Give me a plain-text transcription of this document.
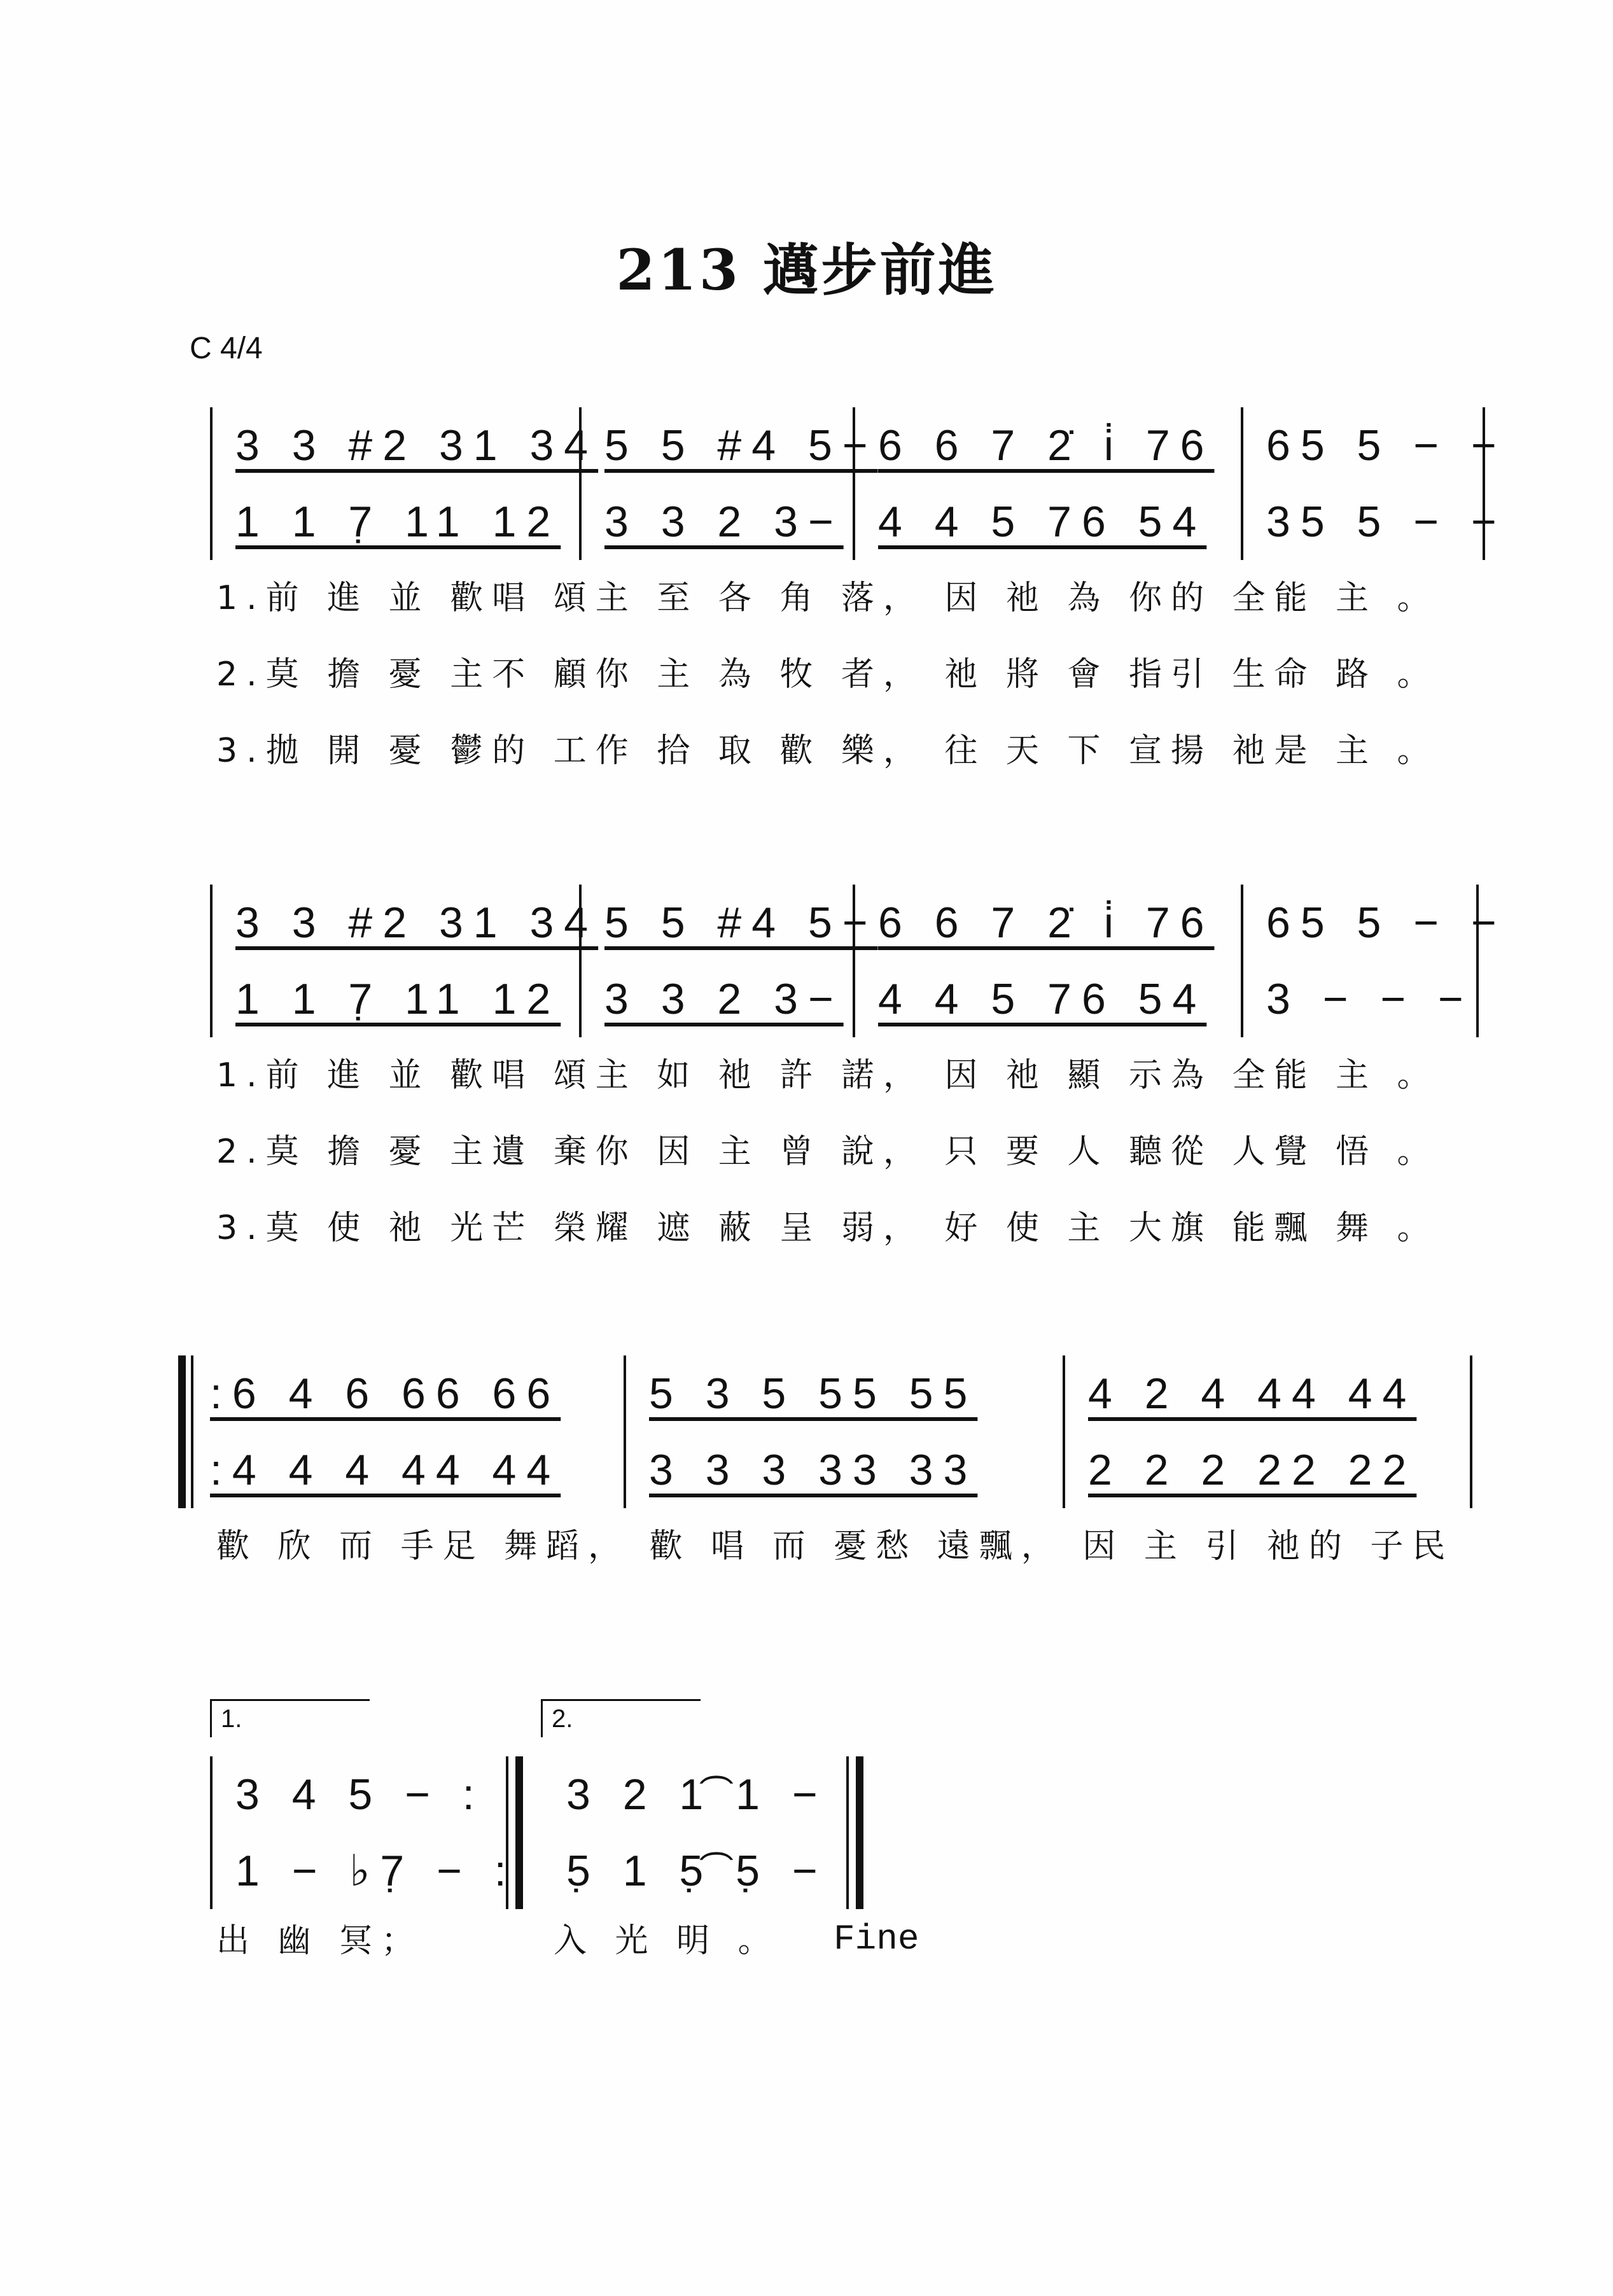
213 邁步前進
C 4/4
3 3 #2 31 34 5 5 #4 5− 6 6 7 2̇ i̇ 76 65 5 − −
1 1 7̣ 11 12 3 3 2 3− 4 4 5 76 54 35 5 − −
1.前 進 並 歡唱 頌主 至 各 角 落， 因 祂 為 你的 全能 主 。
2.莫 擔 憂 主不 顧你 主 為 牧 者， 祂 將 會 指引 生命 路 。
3.拋 開 憂 鬱的 工作 拾 取 歡 樂， 往 天 下 宣揚 祂是 主 。
3 3 #2 31 34 5 5 #4 5− 6 6 7 2̇ i̇ 76 65 5 − −
1 1 7̣ 11 12 3 3 2 3− 4 4 5 76 54 3 − − −
1.前 進 並 歡唱 頌主 如 祂 許 諾， 因 祂 顯 示為 全能 主 。
2.莫 擔 憂 主遺 棄你 因 主 曾 說， 只 要 人 聽從 人覺 悟 。
3.莫 使 祂 光芒 榮耀 遮 蔽 呈 弱， 好 使 主 大旗 能飄 舞 。
:6 4 6 66 66 5 3 5 55 55	4 2 4 44 44
:4 4 4 44 44 3 3 3 33 33	2 2 2 22 22
歡 欣 而 手足 舞蹈， 歡 唱 而 憂愁 遠飄， 因 主 引 祂的 子民
1.	2.
3 4 5 − : 3 2 1͡ 1 −
1 − ♭7̣ − : 5̣ 1 5̣͡ 5̣ −
出 幽 冥；	入 光 明 。 Fine
